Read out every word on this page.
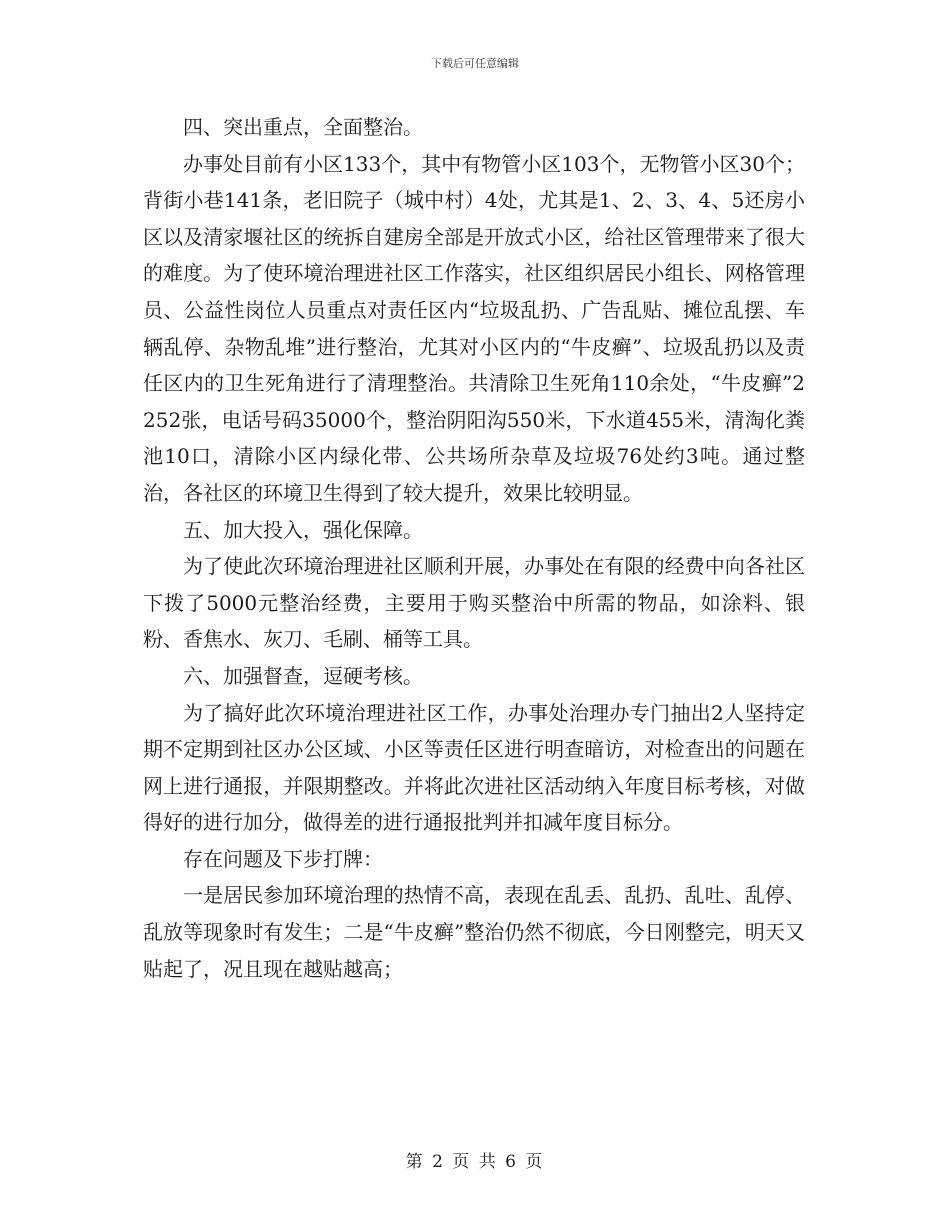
下载后可任意编辑

四、突出重点，全面整治。

办事处目前有小区133个，其中有物管小区103个，无物管小区30个；背街小巷141条，老旧院子（城中村）4处，尤其是1、2、3、4、5还房小区以及清家堰社区的统拆自建房全部是开放式小区，给社区管理带来了很大的难度。为了使环境治理进社区工作落实，社区组织居民小组长、网格管理员、公益性岗位人员重点对责任区内“垃圾乱扔、广告乱贴、摊位乱摆、车辆乱停、杂物乱堆”进行整治，尤其对小区内的“牛皮癣”、垃圾乱扔以及责任区内的卫生死角进行了清理整治。共清除卫生死角110余处，“牛皮癣”2252张，电话号码35000个，整治阴阳沟550米，下水道455米，清淘化粪池10口，清除小区内绿化带、公共场所杂草及垃圾76处约3吨。通过整治，各社区的环境卫生得到了较大提升，效果比较明显。

五、加大投入，强化保障。

为了使此次环境治理进社区顺利开展，办事处在有限的经费中向各社区下拨了5000元整治经费，主要用于购买整治中所需的物品，如涂料、银粉、香焦水、灰刀、毛刷、桶等工具。

六、加强督查，逗硬考核。

为了搞好此次环境治理进社区工作，办事处治理办专门抽出2人坚持定期不定期到社区办公区域、小区等责任区进行明查暗访，对检查出的问题在网上进行通报，并限期整改。并将此次进社区活动纳入年度目标考核，对做得好的进行加分，做得差的进行通报批判并扣减年度目标分。

存在问题及下步打牌：

一是居民参加环境治理的热情不高，表现在乱丢、乱扔、乱吐、乱停、乱放等现象时有发生；二是“牛皮癣”整治仍然不彻底，今日刚整完，明天又贴起了，况且现在越贴越高；

第 2 页 共 6 页
